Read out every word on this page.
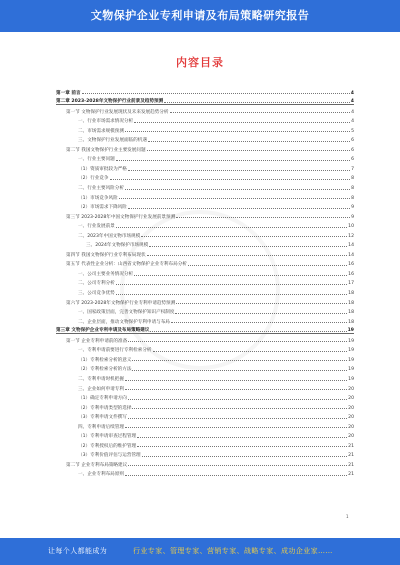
文物保护企业专利申请及布局策略研究报告
内容目录
第一章 前言	4
第二章 2023-2028年文物保护行业前景及趋势预测	4
第一节 文物保护行业发展现状及未来发展趋势分析	4
一、行业市场需求情况分析	4
二、市场需求规模预测	5
三、文物保护行业发展面临的机遇	6
第二节 我国文物保护行业主要发展问题	6
一、行业主要问题	6
（1）资质审批较为严格	7
（2）行业竞争	8
二、行业主要风险分析	8
（1）市场竞争风险	8
（2）市场需求下降风险	9
第三节 2023-2028年中国文物保护行业发展前景预测	9
一、行业发展前景	10
二、2023年中国文物市场规模	12
三、2024年文物保护市场规模	14
第四节 我国文物保护行业专利布局现状	14
第五节 代表性企业分析：山西省文物保护企业专利布局分析	16
一、公司主要业务情况分析	16
二、公司专利分析	17
三、公司竞争优势	18
第六节 2023-2028年文物保护行业专利申请趋势预测	18
一、国家政策层面，完善文物保护知识产权制度	18
二、企业层面，推动文物保护专利申请与布局	18
第三章 文物保护企业专利申请及布局策略建议	19
第一节 企业专利申请前的准备	19
一、专利申请前要进行专利检索分析	19
（1）专利检索分析的意义	19
（2）专利检索分析的方法	19
二、专利申请时机把握	19
三、企业如何申请专利	20
（1）确定专利申请方向	20
（2）专利申请类型的选择	20
（3）专利申请文件撰写	20
四、专利申请后续管理	20
（1）专利申请审查过程管理	20
（2）专利授权后的维护管理	21
（3）专利价值评估与运营管理	21
第二节 企业专利布局策略建议	21
一、企业专利布局原则	21
1
让每个人都能成为	行业专家、管理专家、营销专家、战略专家、成功企业家……
